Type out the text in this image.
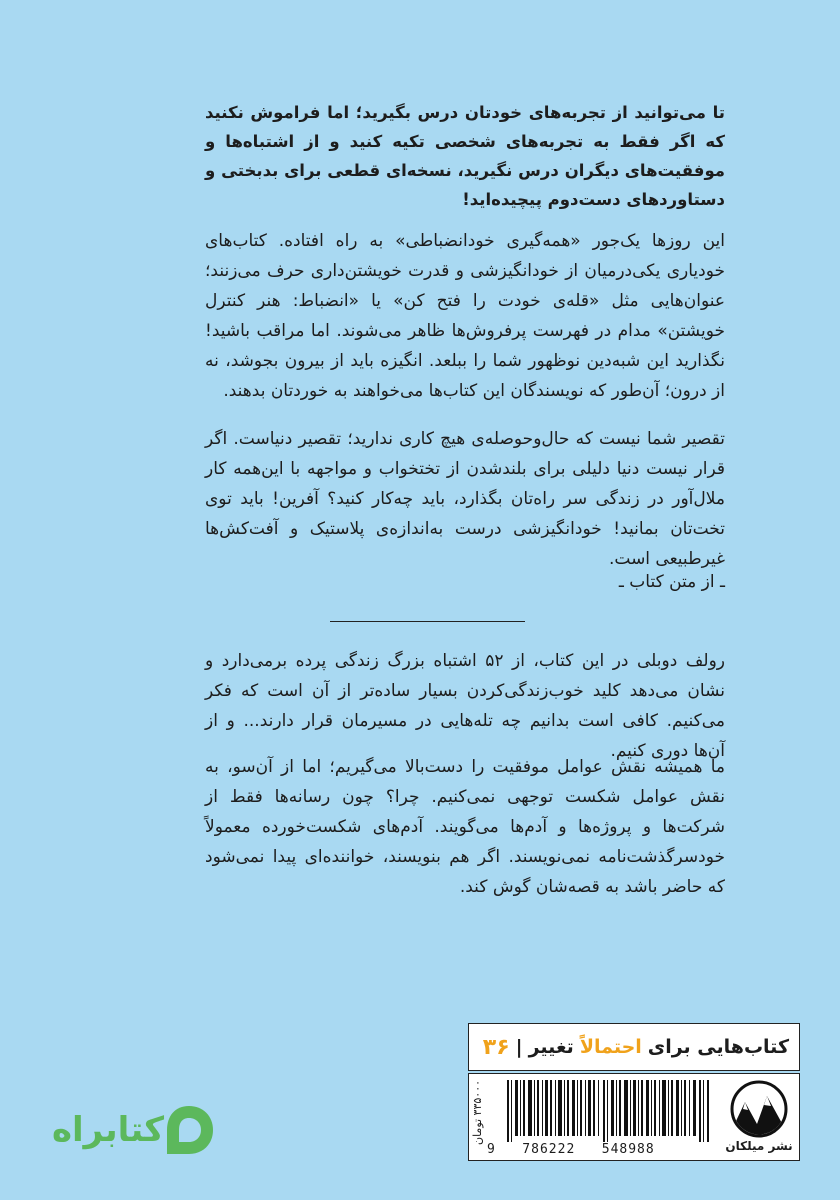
تا می‌توانید از تجربه‌های خودتان درس بگیرید؛ اما فراموش نکنید که اگر فقط به تجربه‌های شخصی تکیه کنید و از اشتباه‌ها و موفقیت‌های دیگران درس نگیرید، نسخه‌ای قطعی برای بدبختی و دستاوردهای دست‌دوم پیچیده‌اید!

این روزها یک‌جور «همه‌گیری خودانضباطی» به راه افتاده. کتاب‌های خودیاری یکی‌درمیان از خودانگیزشی و قدرت خویشتن‌داری حرف می‌زنند؛ عنوان‌هایی مثل «قله‌ی خودت را فتح کن» یا «انضباط: هنر کنترل خویشتن» مدام در فهرست پرفروش‌ها ظاهر می‌شوند. اما مراقب باشید! نگذارید این شبه‌دین نوظهور شما را ببلعد. انگیزه باید از بیرون بجوشد، نه از درون؛ آن‌طور که نویسندگان این کتاب‌ها می‌خواهند به خوردتان بدهند.

تقصیر شما نیست که حال‌وحوصله‌ی هیچ کاری ندارید؛ تقصیر دنیاست. اگر قرار نیست دنیا دلیلی برای بلندشدن از تختخواب و مواجهه با این‌همه کار ملال‌آور در زندگی سر راه‌تان بگذارد، باید چه‌کار کنید؟ آفرین! باید توی تخت‌تان بمانید! خودانگیزشی درست به‌اندازه‌ی پلاستیک و آفت‌کش‌ها غیرطبیعی است.

ـ از متن کتاب ـ

رولف دوبلی در این کتاب، از ۵۲ اشتباه بزرگ زندگی پرده برمی‌دارد و نشان می‌دهد کلید خوب‌زندگی‌کردن بسیار ساده‌تر از آن است که فکر می‌کنیم. کافی است بدانیم چه تله‌هایی در مسیرمان قرار دارند... و از آن‌ها دوری کنیم.

ما همیشه نقش عوامل موفقیت را دست‌بالا می‌گیریم؛ اما از آن‌سو، به نقش عوامل شکست توجهی نمی‌کنیم. چرا؟ چون رسانه‌ها فقط از شرکت‌ها و پروژه‌ها و آدم‌ها می‌گویند. آدم‌های شکست‌خورده معمولاً خودسرگذشت‌نامه نمی‌نویسند. اگر هم بنویسند، خواننده‌ای پیدا نمی‌شود که حاضر باشد به قصه‌شان گوش کند.

کتاب‌هایی برای
احتمالاً
تغییر
|
۳۶
نشر میلکان
9   786222   548988
۳۳۵۰۰۰ تومان
کتابراه
